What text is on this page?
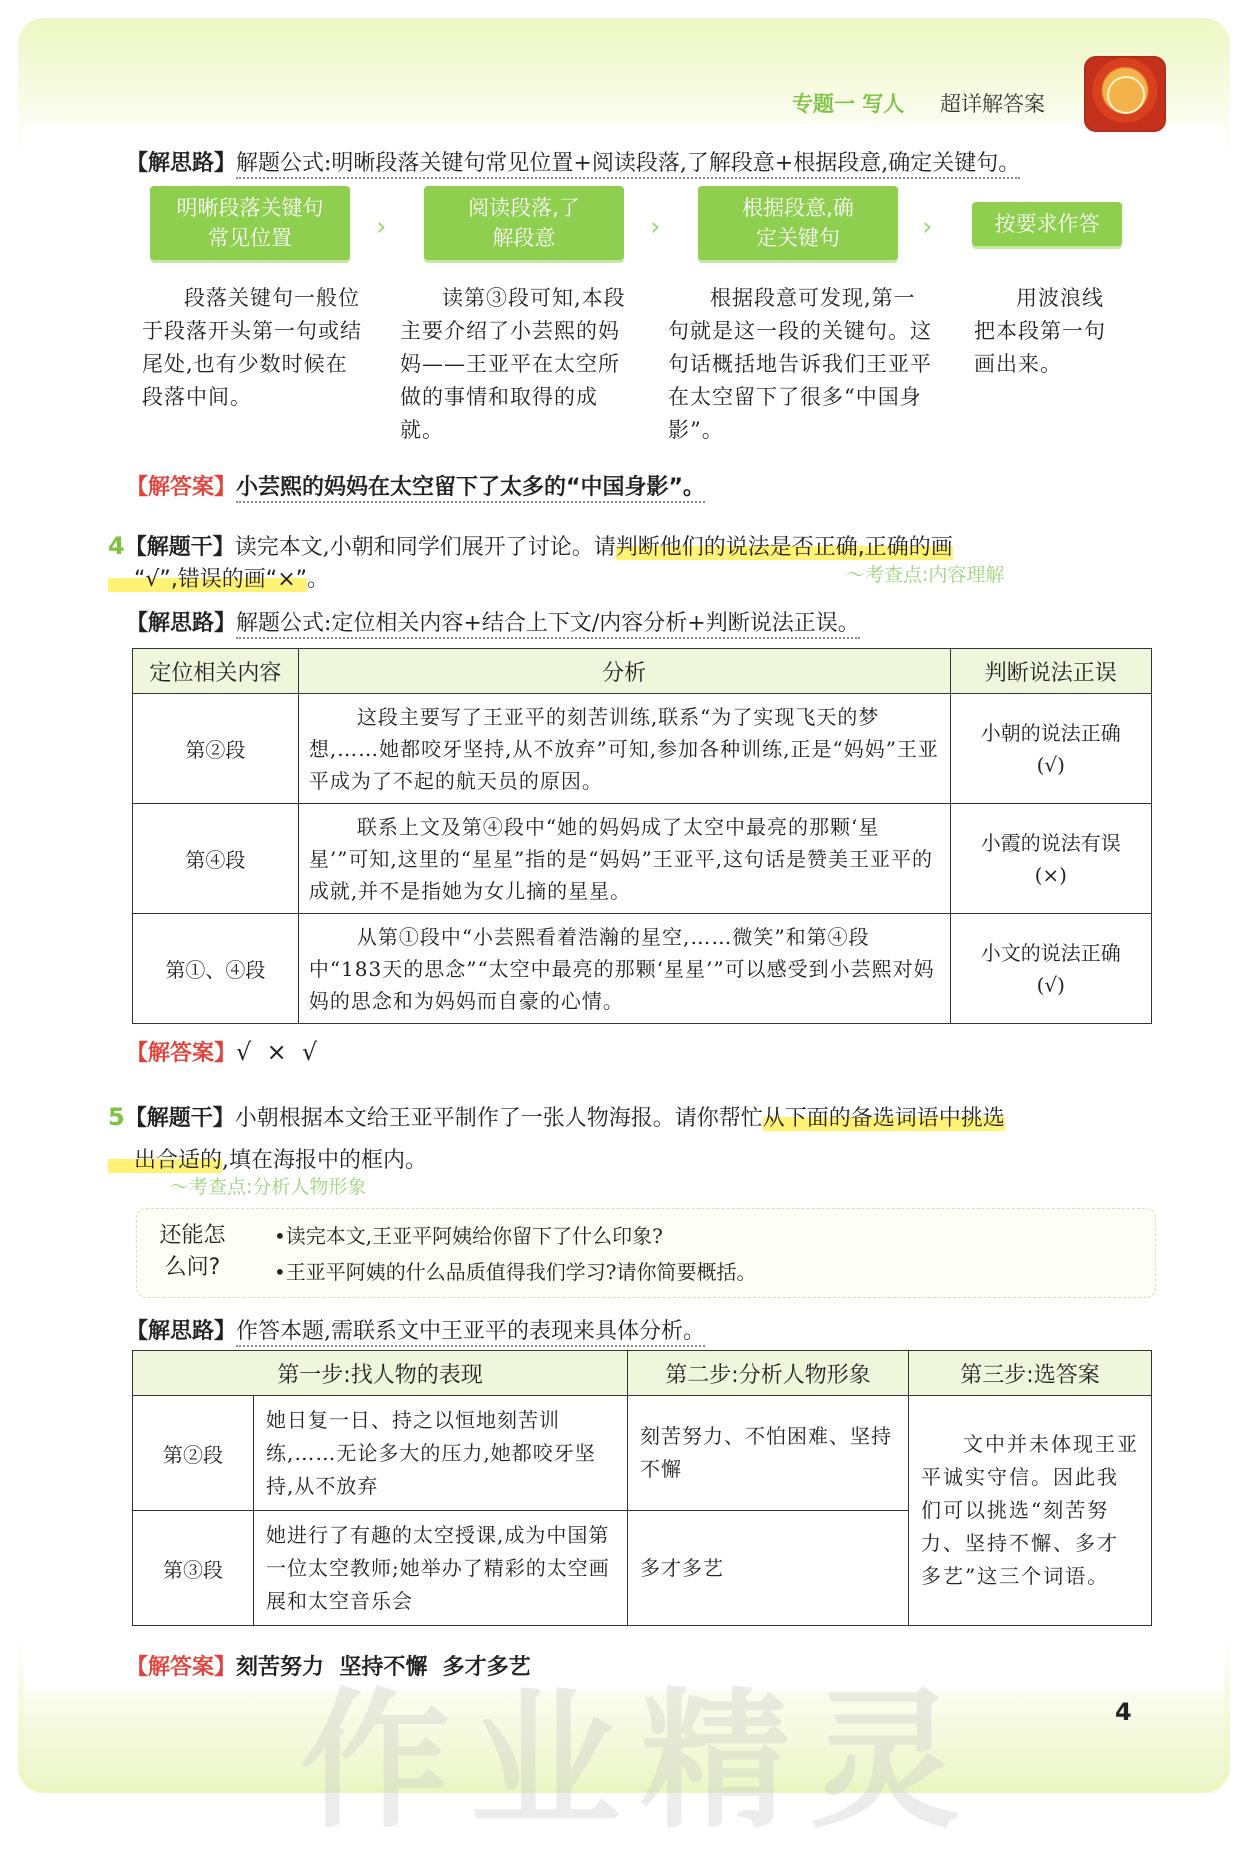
专题一 写人 超详解答案
【解思路】解题公式:明晰段落关键句常见位置+阅读段落,了解段意+根据段意,确定关键句。
明晰段落关键句常见位置	›
阅读段落,了解段意	›
根据段意,确定关键句	›	按要求作答
段落关键句一般位于段落开头第一句或结尾处,也有少数时候在段落中间。
读第③段可知,本段主要介绍了小芸熙的妈妈——王亚平在太空所做的事情和取得的成就。
根据段意可发现,第一句就是这一段的关键句。这句话概括地告诉我们王亚平在太空留下了很多“中国身影”。
用波浪线把本段第一句画出来。
【解答案】小芸熙的妈妈在太空留下了太多的“中国身影”。
4【解题干】读完本文,小朝和同学们展开了讨论。请判断他们的说法是否正确,正确的画
“√”,错误的画“×”。	〜 考查点:内容理解
【解思路】解题公式:定位相关内容+结合上下文/内容分析+判断说法正误。
定位相关内容	分析	判断说法正误
第②段	这段主要写了王亚平的刻苦训练,联系“为了实现飞天的梦想,……她都咬牙坚持,从不放弃”可知,参加各种训练,正是“妈妈”王亚平成为了不起的航天员的原因。	小朝的说法正确
(√)
第④段	联系上文及第④段中“她的妈妈成了太空中最亮的那颗‘星星’”可知,这里的“星星”指的是“妈妈”王亚平,这句话是赞美王亚平的成就,并不是指她为女儿摘的星星。	小霞的说法有误
(×)
第①、④段	从第①段中“小芸熙看着浩瀚的星空,……微笑”和第④段中“183天的思念”“太空中最亮的那颗‘星星’”可以感受到小芸熙对妈妈的思念和为妈妈而自豪的心情。	小文的说法正确
(√)
【解答案】√  ×  √
5【解题干】小朝根据本文给王亚平制作了一张人物海报。请你帮忙从下面的备选词语中挑选
出合适的,填在海报中的框内。
〜 考查点:分析人物形象
还能怎么问?
•读完本文,王亚平阿姨给你留下了什么印象?
•王亚平阿姨的什么品质值得我们学习?请你简要概括。
【解思路】作答本题,需联系文中王亚平的表现来具体分析。
第一步:找人物的表现		第二步:分析人物形象	第三步:选答案
第②段	她日复一日、持之以恒地刻苦训练,……无论多大的压力,她都咬牙坚持,从不放弃	刻苦努力、不怕困难、坚持不懈	文中并未体现王亚平诚实守信。因此我们可以挑选“刻苦努力、坚持不懈、多才多艺”这三个词语。
第③段	她进行了有趣的太空授课,成为中国第一位太空教师;她举办了精彩的太空画展和太空音乐会	多才多艺	
【解答案】刻苦努力  坚持不懈  多才多艺
4
作业精灵
